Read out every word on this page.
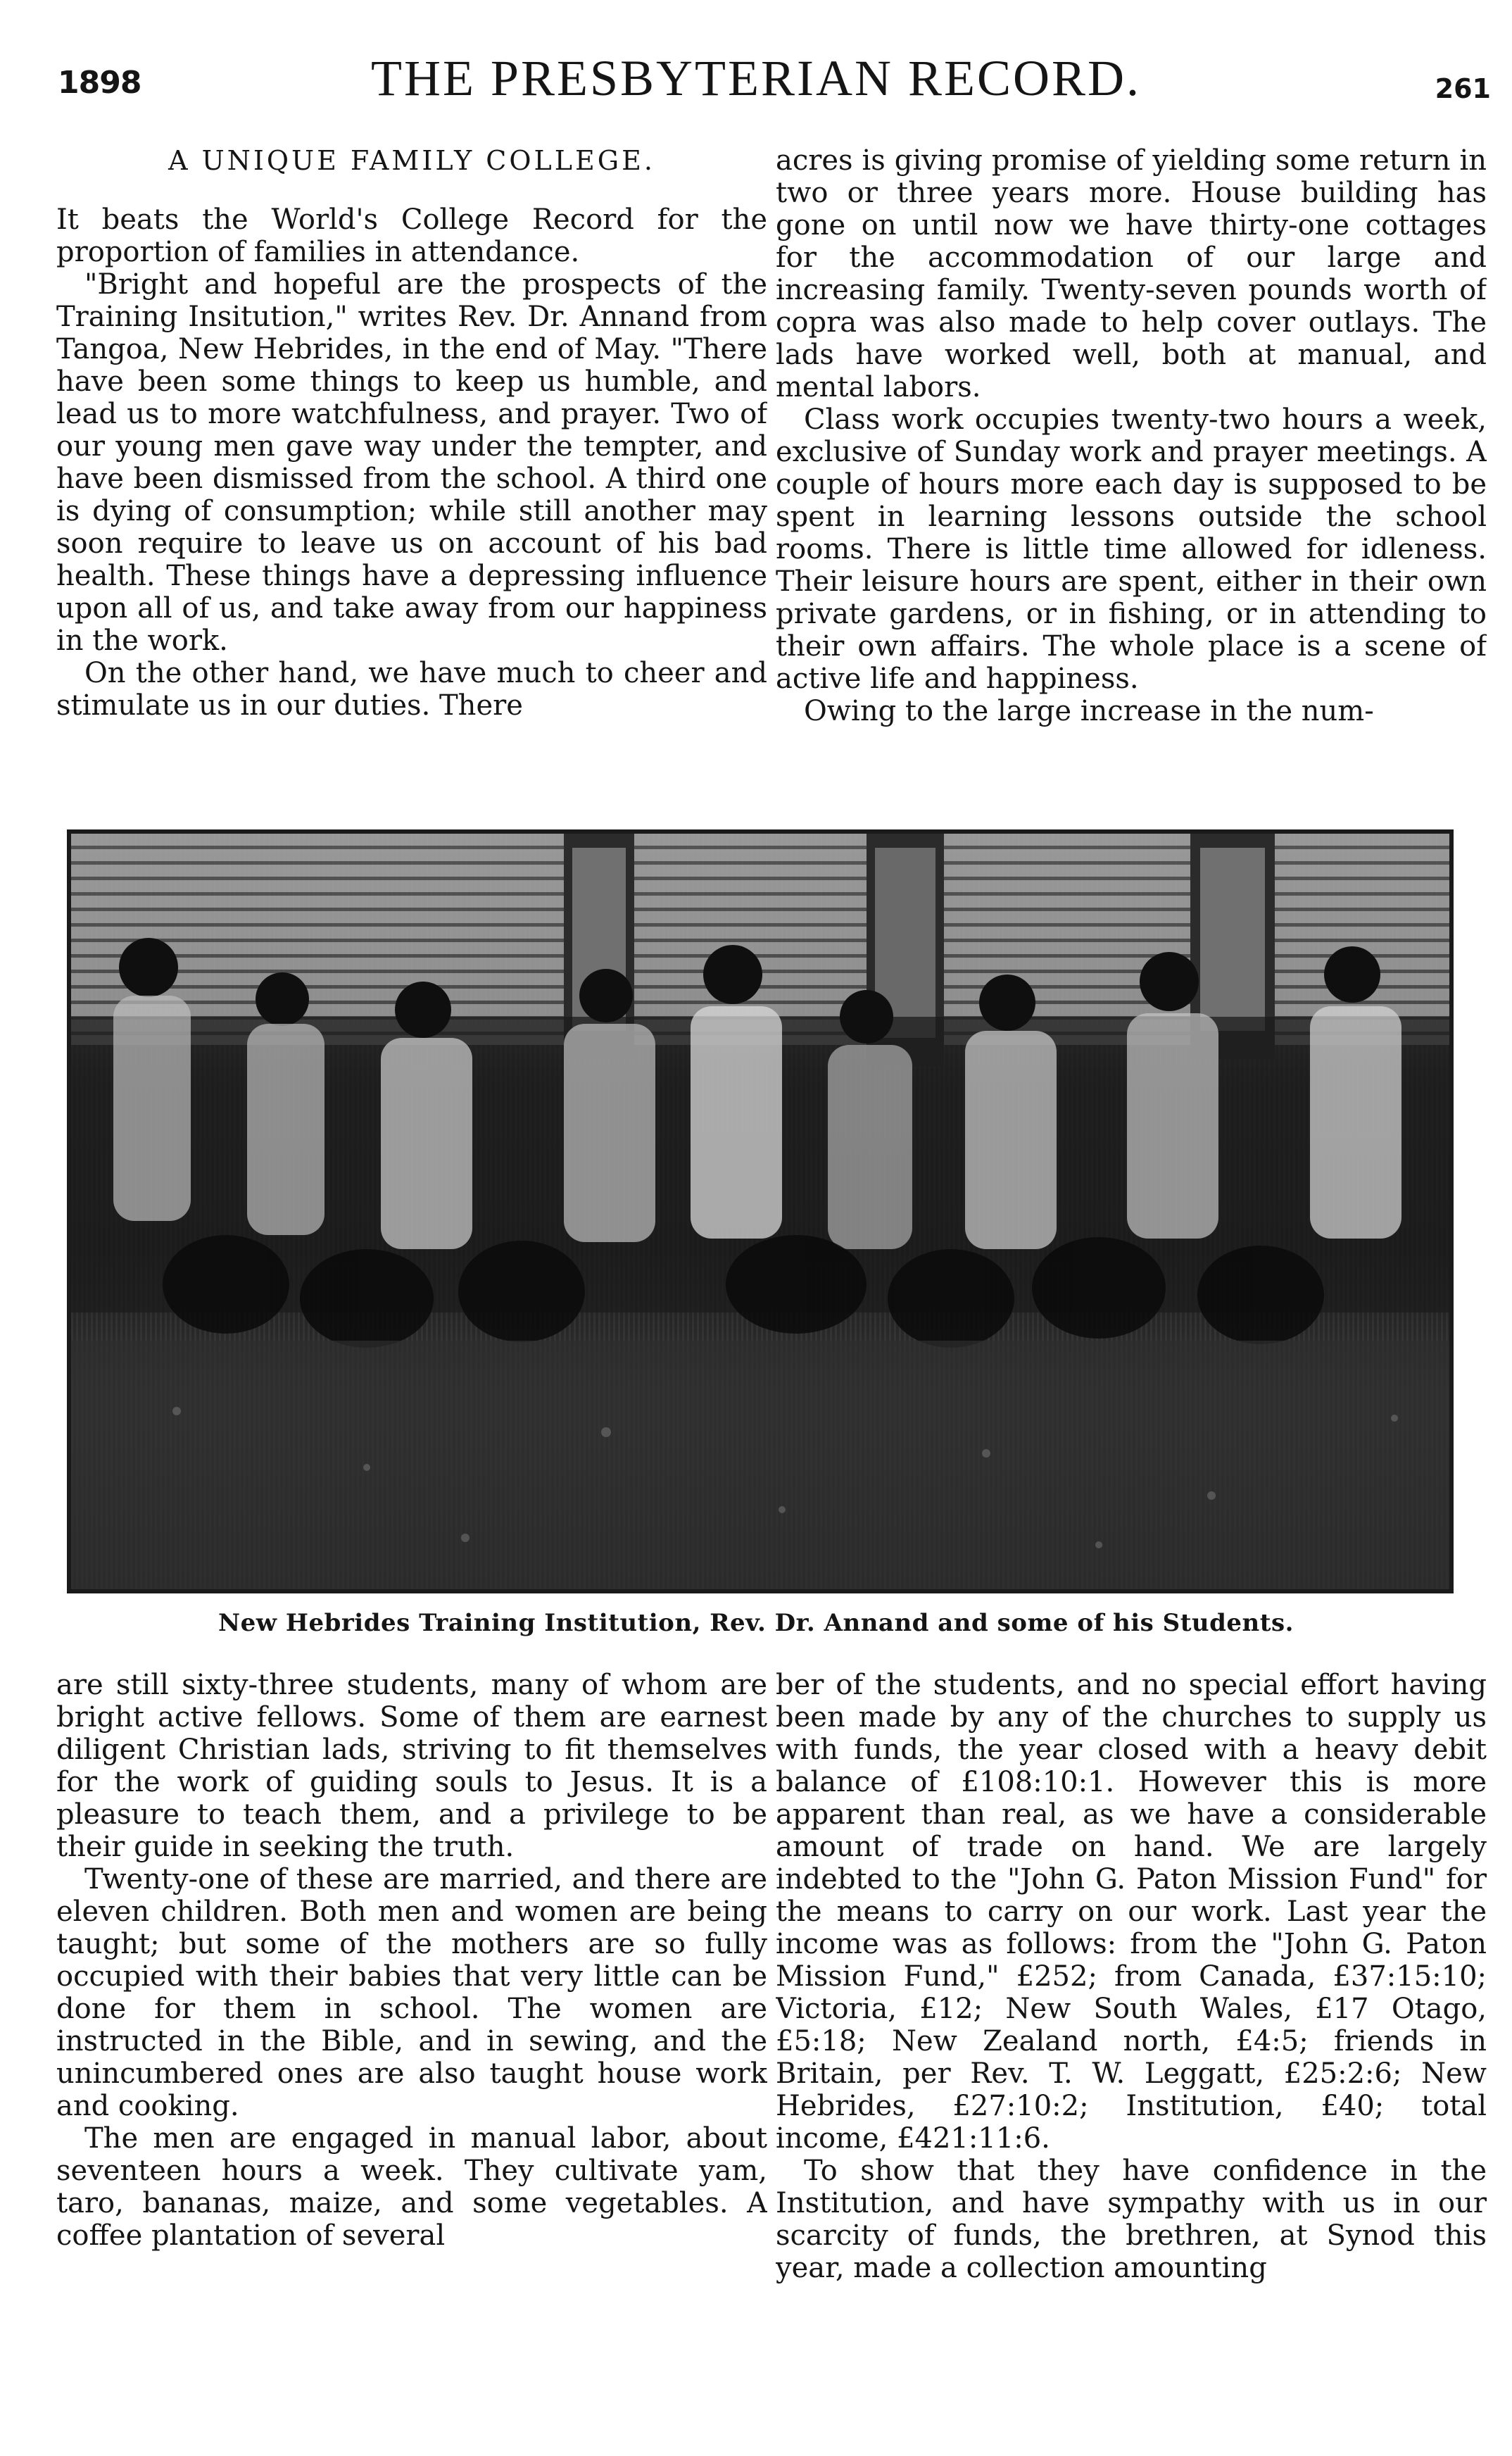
1898	THE PRESBYTERIAN RECORD.	261
A UNIQUE FAMILY COLLEGE.

It beats the World's College Record for the proportion of families in attendance.

"Bright and hopeful are the prospects of the Training Insitution," writes Rev. Dr. Annand from Tangoa, New Hebrides, in the end of May. "There have been some things to keep us humble, and lead us to more watchfulness, and prayer. Two of our young men gave way under the tempter, and have been dismissed from the school. A third one is dying of consumption; while still another may soon require to leave us on account of his bad health. These things have a depressing influence upon all of us, and take away from our happiness in the work.

On the other hand, we have much to cheer and stimulate us in our duties. There

acres is giving promise of yielding some return in two or three years more. House building has gone on until now we have thirty-one cottages for the accommodation of our large and increasing family. Twenty-seven pounds worth of copra was also made to help cover outlays. The lads have worked well, both at manual, and mental labors.

Class work occupies twenty-two hours a week, exclusive of Sunday work and prayer meetings. A couple of hours more each day is supposed to be spent in learning lessons outside the school rooms. There is little time allowed for idleness. Their leisure hours are spent, either in their own private gardens, or in fishing, or in attending to their own affairs. The whole place is a scene of active life and happiness.

Owing to the large increase in the num-

New Hebrides Training Institution, Rev. Dr. Annand and some of his Students.

are still sixty-three students, many of whom are bright active fellows. Some of them are earnest diligent Christian lads, striving to fit themselves for the work of guiding souls to Jesus. It is a pleasure to teach them, and a privilege to be their guide in seeking the truth.

Twenty-one of these are married, and there are eleven children. Both men and women are being taught; but some of the mothers are so fully occupied with their babies that very little can be done for them in school. The women are instructed in the Bible, and in sewing, and the unincumbered ones are also taught house work and cooking.

The men are engaged in manual labor, about seventeen hours a week. They cultivate yam, taro, bananas, maize, and some vegetables. A coffee plantation of several

ber of the students, and no special effort having been made by any of the churches to supply us with funds, the year closed with a heavy debit balance of £108:10:1. However this is more apparent than real, as we have a considerable amount of trade on hand. We are largely indebted to the "John G. Paton Mission Fund" for the means to carry on our work. Last year the income was as follows: from the "John G. Paton Mission Fund," £252; from Canada, £37:15:10; Victoria, £12; New South Wales, £17 Otago, £5:18; New Zealand north, £4:5; friends in Britain, per Rev. T. W. Leggatt, £25:2:6; New Hebrides, £27:10:2; Institution, £40; total income, £421:11:6.

To show that they have confidence in the Institution, and have sympathy with us in our scarcity of funds, the brethren, at Synod this year, made a collection amounting
